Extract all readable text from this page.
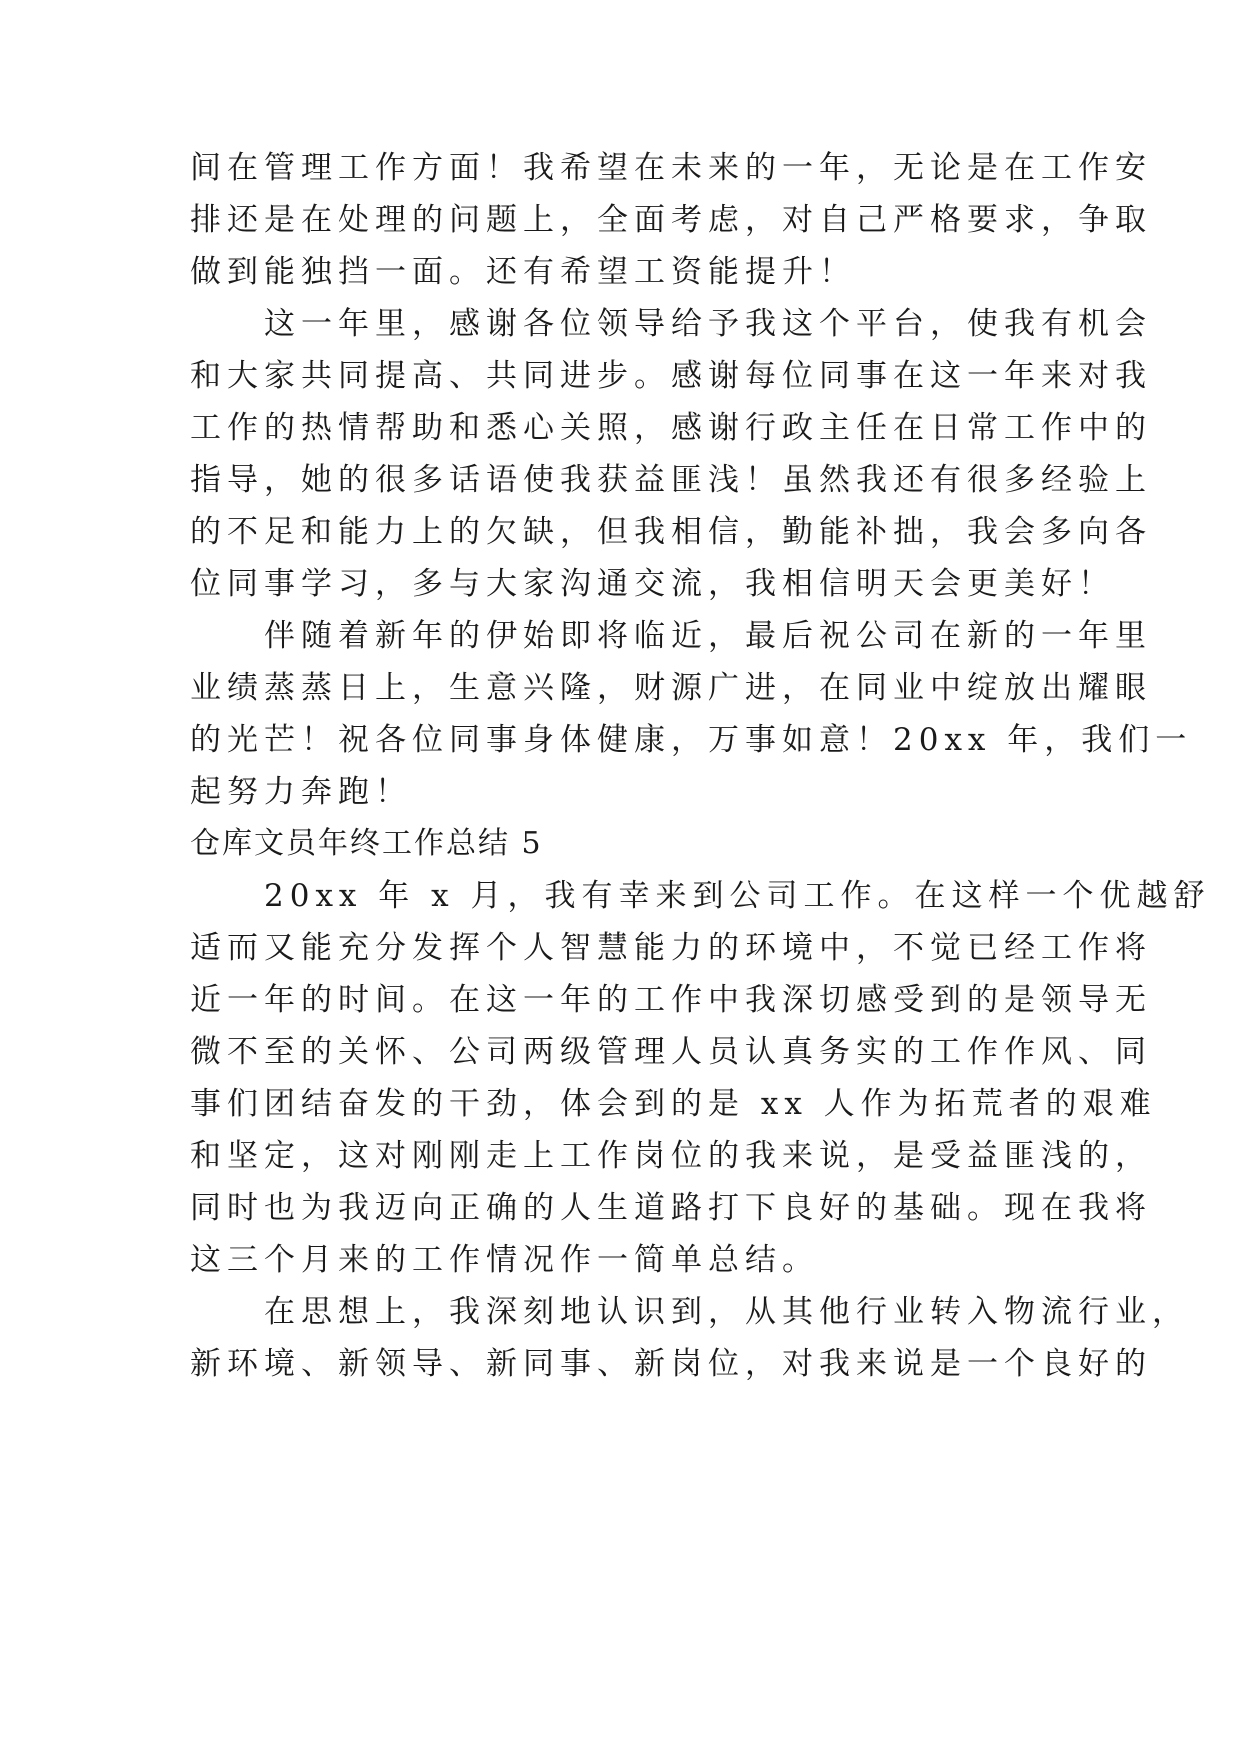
间在管理工作方面！我希望在未来的一年，无论是在工作安
排还是在处理的问题上，全面考虑，对自己严格要求，争取
做到能独挡一面。还有希望工资能提升！
　　这一年里，感谢各位领导给予我这个平台，使我有机会
和大家共同提高、共同进步。感谢每位同事在这一年来对我
工作的热情帮助和悉心关照，感谢行政主任在日常工作中的
指导，她的很多话语使我获益匪浅！虽然我还有很多经验上
的不足和能力上的欠缺，但我相信，勤能补拙，我会多向各
位同事学习，多与大家沟通交流，我相信明天会更美好！
　　伴随着新年的伊始即将临近，最后祝公司在新的一年里
业绩蒸蒸日上，生意兴隆，财源广进，在同业中绽放出耀眼
的光芒！祝各位同事身体健康，万事如意！20xx 年，我们一
起努力奔跑！
仓库文员年终工作总结 5
　　20xx 年 x 月，我有幸来到公司工作。在这样一个优越舒
适而又能充分发挥个人智慧能力的环境中，不觉已经工作将
近一年的时间。在这一年的工作中我深切感受到的是领导无
微不至的关怀、公司两级管理人员认真务实的工作作风、同
事们团结奋发的干劲，体会到的是 xx 人作为拓荒者的艰难
和坚定，这对刚刚走上工作岗位的我来说，是受益匪浅的，
同时也为我迈向正确的人生道路打下良好的基础。现在我将
这三个月来的工作情况作一简单总结。
　　在思想上，我深刻地认识到，从其他行业转入物流行业，
新环境、新领导、新同事、新岗位，对我来说是一个良好的
